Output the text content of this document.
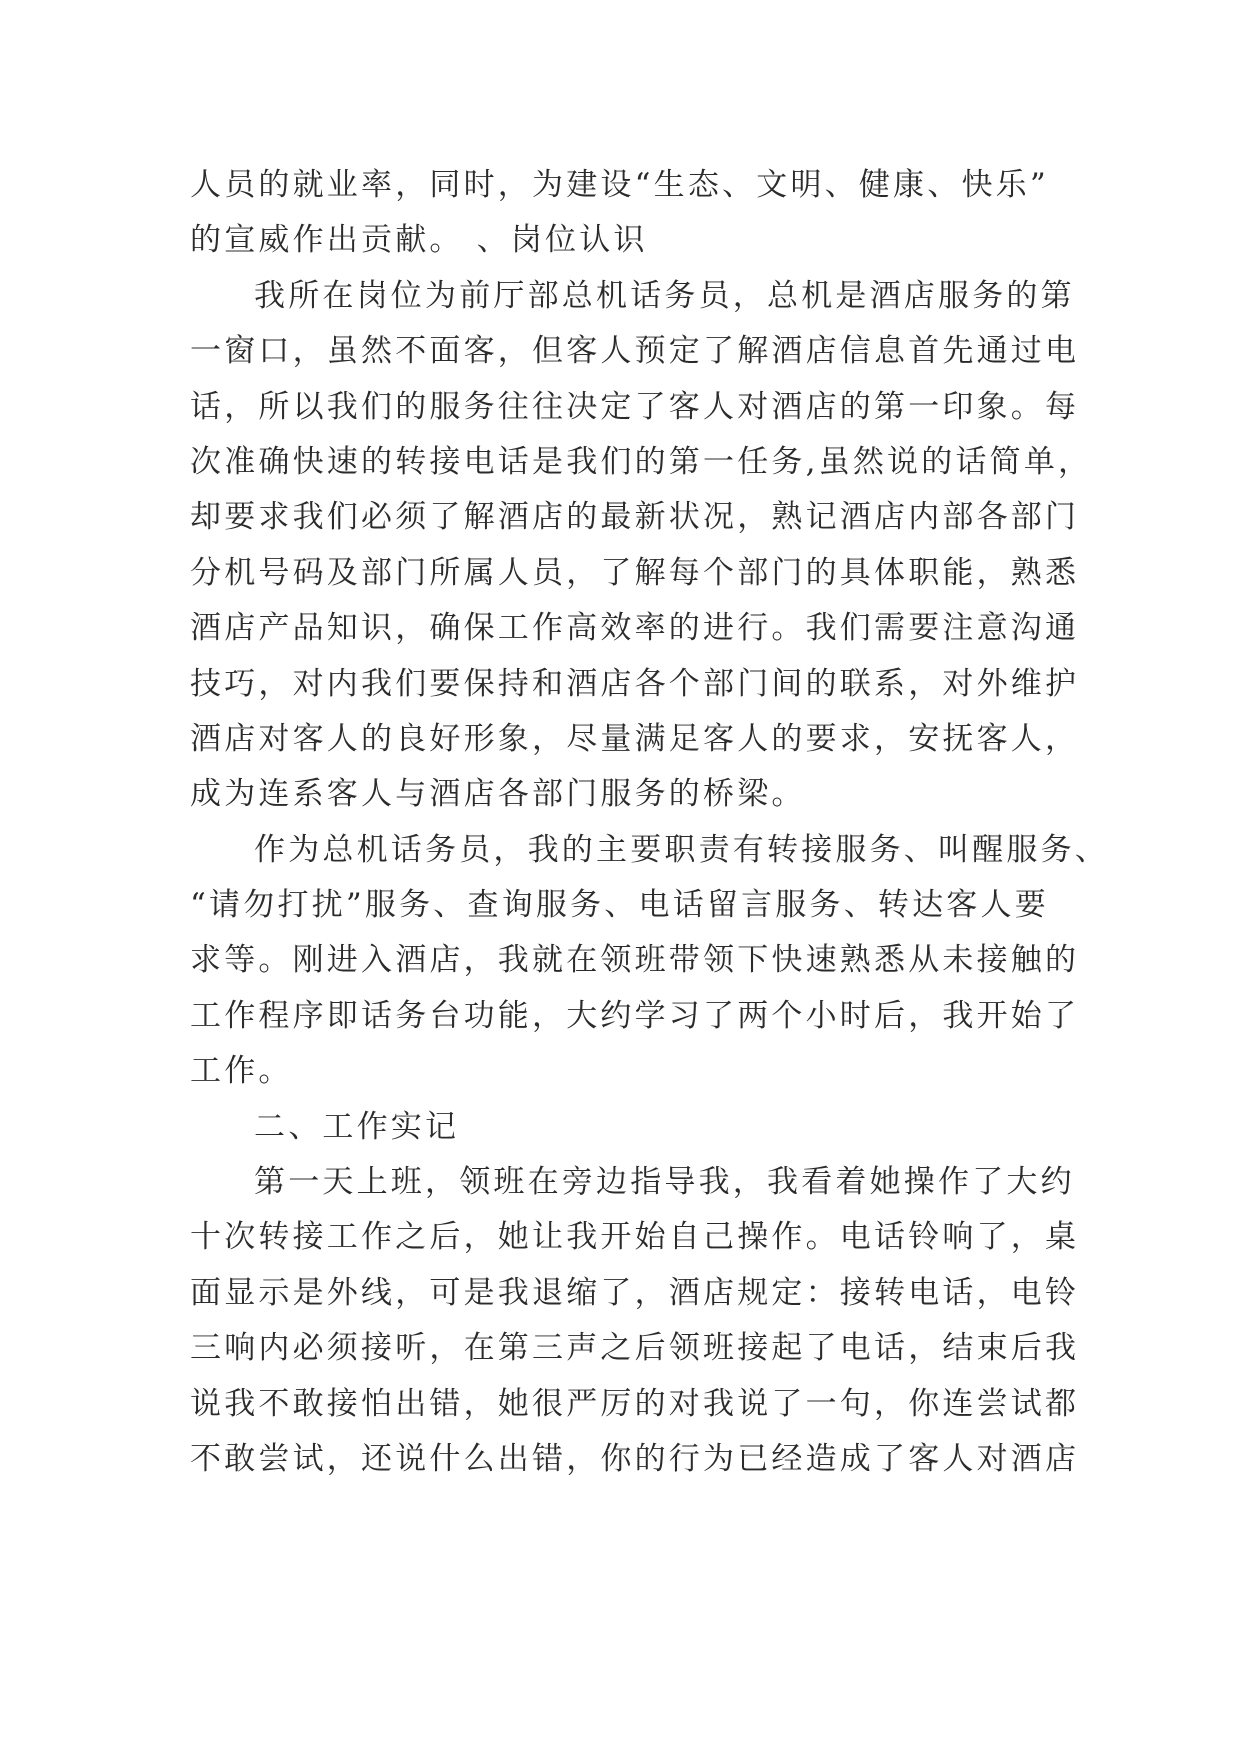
人员的就业率，同时，为建设“生态、文明、健康、快乐”
的宣威作出贡献。 、岗位认识
我所在岗位为前厅部总机话务员，总机是酒店服务的第
一窗口，虽然不面客，但客人预定了解酒店信息首先通过电
话，所以我们的服务往往决定了客人对酒店的第一印象。每
次准确快速的转接电话是我们的第一任务,虽然说的话简单，
却要求我们必须了解酒店的最新状况，熟记酒店内部各部门
分机号码及部门所属人员，了解每个部门的具体职能，熟悉
酒店产品知识，确保工作高效率的进行。我们需要注意沟通
技巧，对内我们要保持和酒店各个部门间的联系，对外维护
酒店对客人的良好形象，尽量满足客人的要求，安抚客人，
成为连系客人与酒店各部门服务的桥梁。
作为总机话务员，我的主要职责有转接服务、叫醒服务、
“请勿打扰”服务、查询服务、电话留言服务、转达客人要
求等。刚进入酒店，我就在领班带领下快速熟悉从未接触的
工作程序即话务台功能，大约学习了两个小时后，我开始了
工作。
二、工作实记
第一天上班，领班在旁边指导我，我看着她操作了大约
十次转接工作之后，她让我开始自己操作。电话铃响了，桌
面显示是外线，可是我退缩了，酒店规定：接转电话，电铃
三响内必须接听，在第三声之后领班接起了电话，结束后我
说我不敢接怕出错，她很严厉的对我说了一句，你连尝试都
不敢尝试，还说什么出错，你的行为已经造成了客人对酒店
